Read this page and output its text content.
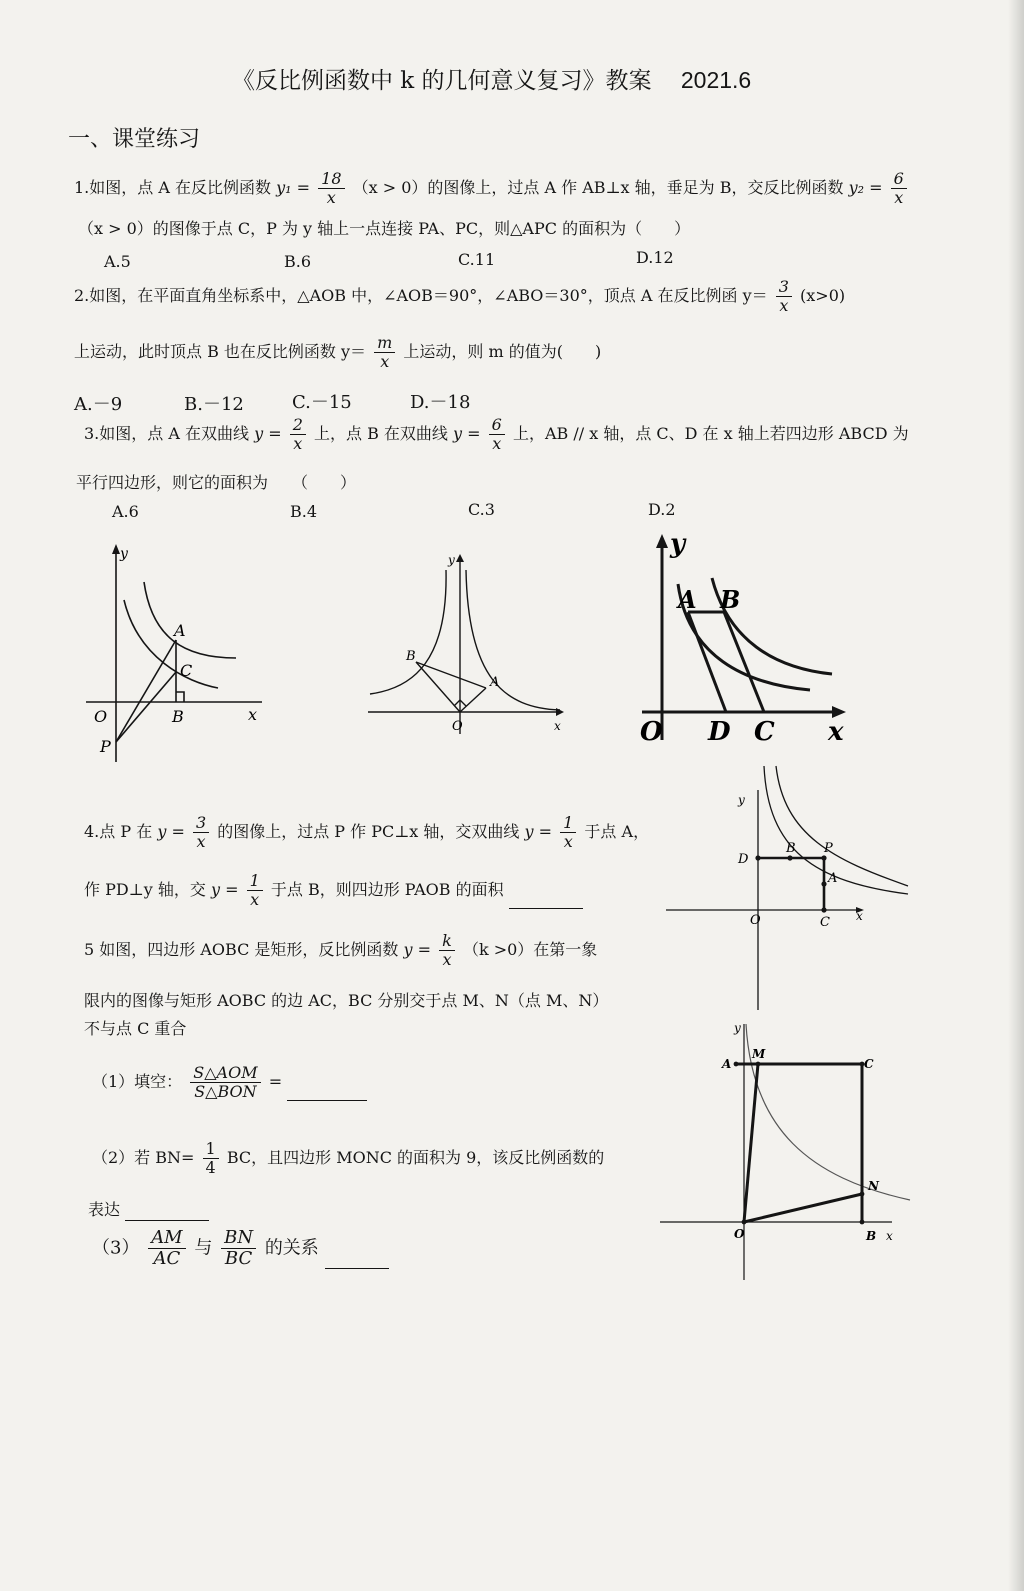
《反比例函数中 k 的几何意义复习》教案 2021.6
一、课堂练习
1.如图，点 A 在反比例函数 $y_1 = \frac{18}{x} (x > 0)$的图像上，过点 A 作 AB⊥x 轴，垂足为 B，交反比例函数 $y_2 = \frac{6}{x}$
（x > 0）的图像于点 C，P 为 y 轴上一点连接 PA、PC，则△APC 的面积为（　　）
A.5	B.6	C.11	D.12
2.如图，在平面直角坐标系中，△AOB 中，∠AOB＝90°，∠ABO＝30°，顶点 A 在反比例函 $y= \frac{3}{x} (x>0)$
上运动，此时顶点 B 也在反比例函数 $y= \frac{m}{x}$ 上运动，则 m 的值为(　　)
A.－9	B.－12	C.－15	D.－18
3.如图，点 A 在双曲线 $y = \frac{2}{x}$ 上，点 B 在双曲线 $y = \frac{6}{x}$ 上，AB // x 轴，点 C、D 在 x 轴上若四边形 ABCD 为
平行四边形，则它的面积为　　（　　）
A.6	B.4	C.3	D.2
y
x
O
A
B
C
P
y
x
O
A
B
y
x
O
A B
D C
4.点 P 在 $y = \frac{3}{x}$ 的图像上，过点 P 作 PC⊥x 轴，交双曲线 $y = \frac{1}{x}$ 于点 A，
作 PD⊥y 轴，交 $y = \frac{1}{x}$ 于点 B，则四边形 PAOB 的面积
y
x
O
D
B P
A
C
5 如图，四边形 AOBC 是矩形，反比例函数 $y = \frac{k}{x} (k >0)$在第一象
限内的图像与矩形 AOBC 的边 AC，BC 分别交于点 M、N（点 M、N）
不与点 C 重合
（1）填空： $\frac{\text{S△AOM}}{\text{S△BON}}$ =
（2）若 $BN= \frac{1}{4}$ BC，且四边形 MONC 的面积为 9，该反比例函数的
表达
$(3) \frac{AM}{AC}$ 与 $\frac{BN}{BC}$ 的关系
y
x
O
A
M
C
N
B
